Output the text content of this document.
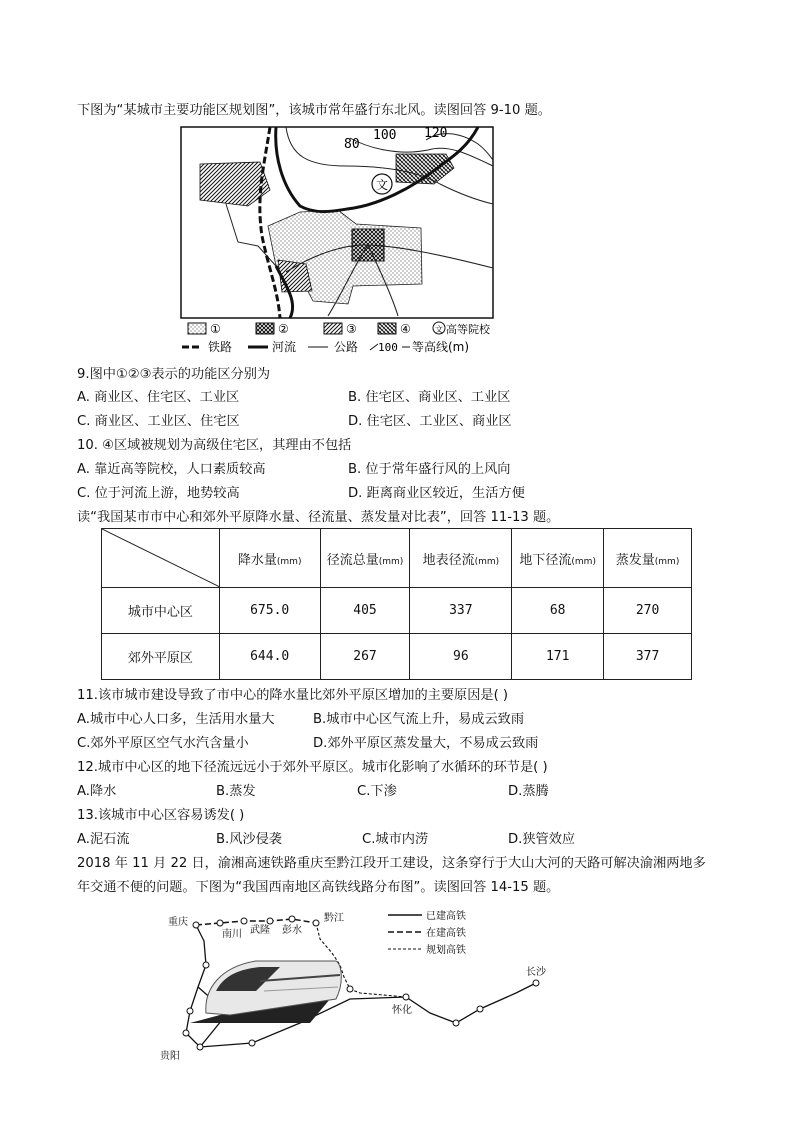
下图为“某城市主要功能区规划图”，该城市常年盛行东北风。读图回答 9-10 题。
80
100 120
文
①	②	③	④	文 高等院校
铁路	河流	公路 100 等高线(m)
9.图中①②③表示的功能区分别为
A. 商业区、住宅区、工业区	B. 住宅区、商业区、工业区
C. 商业区、工业区、住宅区	D. 住宅区、工业区、商业区
10. ④区域被规划为高级住宅区，其理由不包括
A. 靠近高等院校，人口素质较高	B. 位于常年盛行风的上风向
C. 位于河流上游，地势较高	D. 距离商业区较近，生活方便
读“我国某市市中心和郊外平原降水量、径流量、蒸发量对比表”，回答 11-13 题。
	降水量(mm)	径流总量(mm)	地表径流(mm)	地下径流(mm)	蒸发量(mm)
城市中心区	675.0	405	337	68	270
郊外平原区	644.0	267	96	171	377
11.该市城市建设导致了市中心的降水量比郊外平原区增加的主要原因是( )
A.城市中心人口多，生活用水量大	B.城市中心区气流上升，易成云致雨
C.郊外平原区空气水汽含量小	D.郊外平原区蒸发量大，不易成云致雨
12.城市中心区的地下径流远远小于郊外平原区。城市化影响了水循环的环节是( )
A.降水	B.蒸发	C.下渗	D.蒸腾
13.该城市中心区容易诱发( )
A.泥石流	B.风沙侵袭	C.城市内涝	D.狭管效应
2018 年 11 月 22 日，渝湘高速铁路重庆至黔江段开工建设，这条穿行于大山大河的天路可解决渝湘两地多
年交通不便的问题。下图为“我国西南地区高铁线路分布图”。读图回答 14-15 题。
重庆
南川 武隆 彭水
黔江
怀化
长沙
贵阳
已建高铁
在建高铁
规划高铁
